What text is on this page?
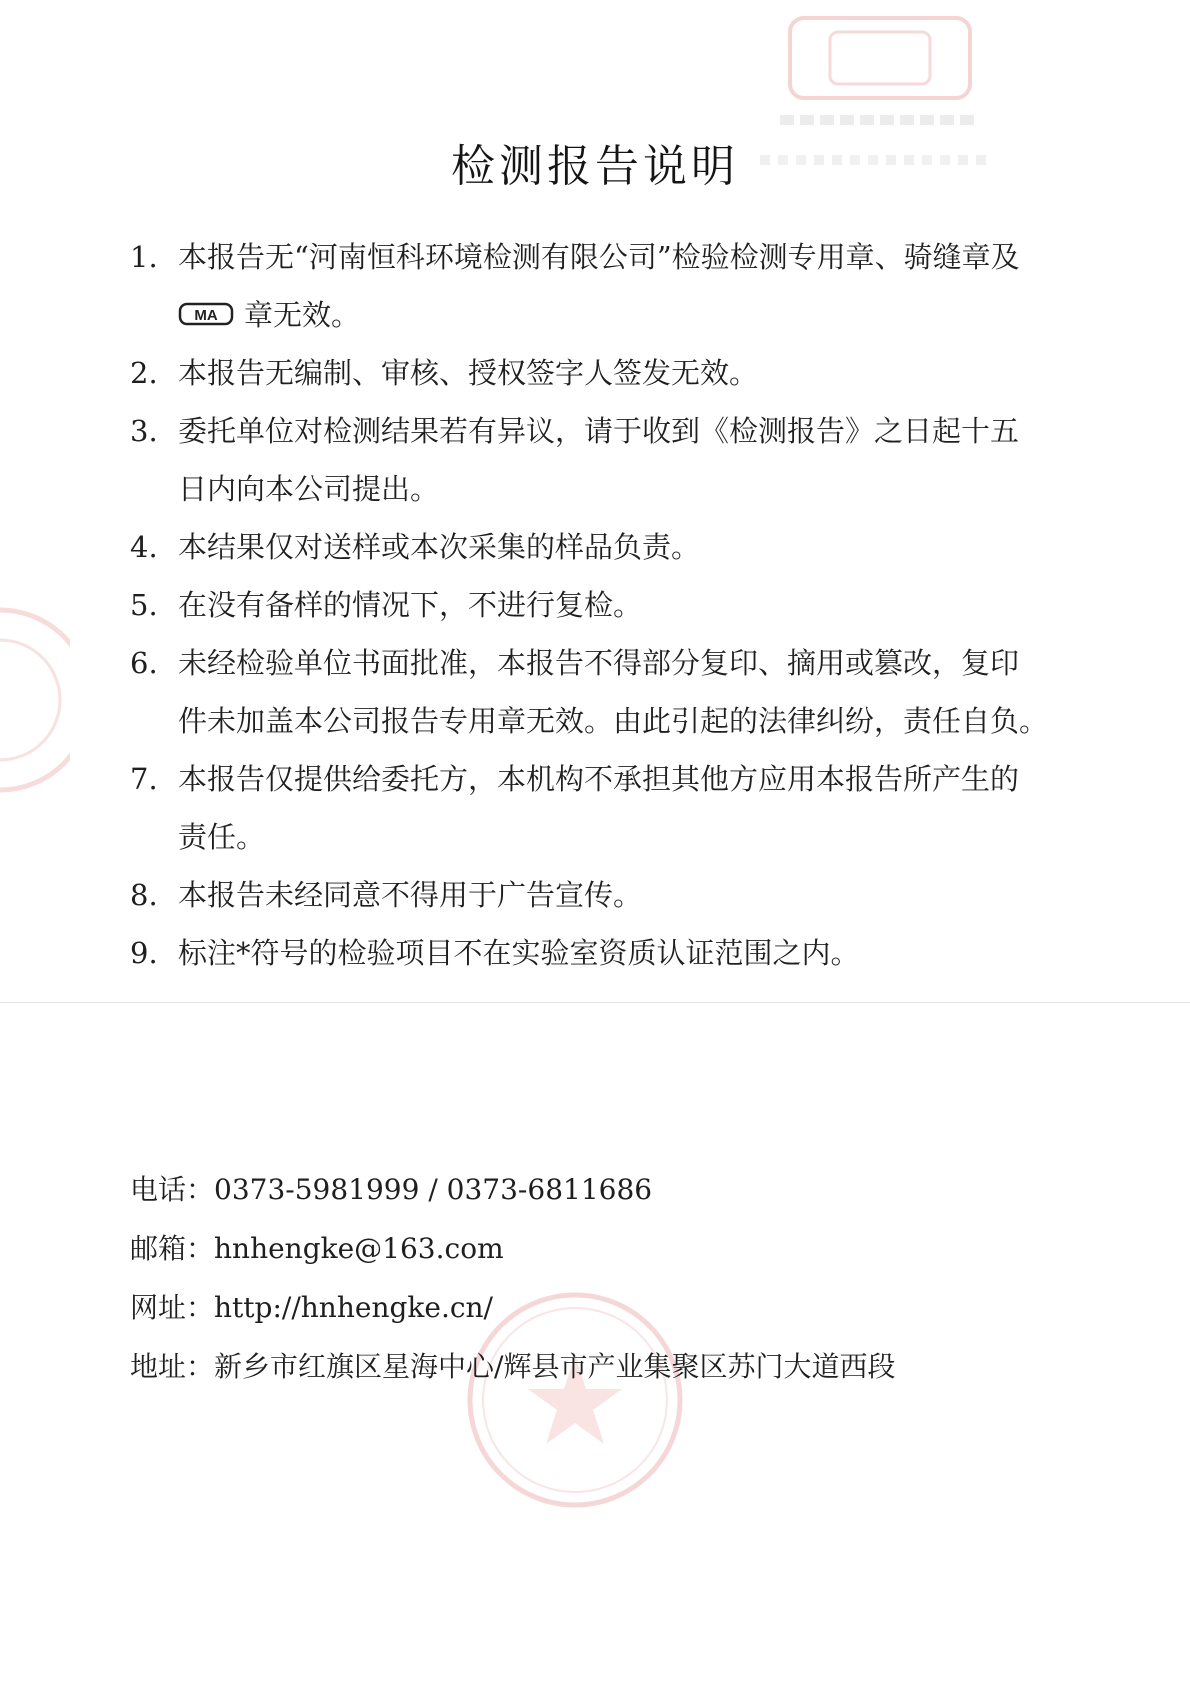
检测报告说明
1. 本报告无“河南恒科环境检测有限公司”检验检测专用章、骑缝章及
MA 章无效。
2. 本报告无编制、审核、授权签字人签发无效。
3. 委托单位对检测结果若有异议，请于收到《检测报告》之日起十五
日内向本公司提出。
4. 本结果仅对送样或本次采集的样品负责。
5. 在没有备样的情况下，不进行复检。
6. 未经检验单位书面批准，本报告不得部分复印、摘用或篡改，复印
件未加盖本公司报告专用章无效。由此引起的法律纠纷，责任自负。
7. 本报告仅提供给委托方，本机构不承担其他方应用本报告所产生的
责任。
8. 本报告未经同意不得用于广告宣传。
9. 标注*符号的检验项目不在实验室资质认证范围之内。
电话：0373-5981999 / 0373-6811686
邮箱：hnhengke@163.com
网址：http://hnhengke.cn/
地址：新乡市红旗区星海中心/辉县市产业集聚区苏门大道西段
